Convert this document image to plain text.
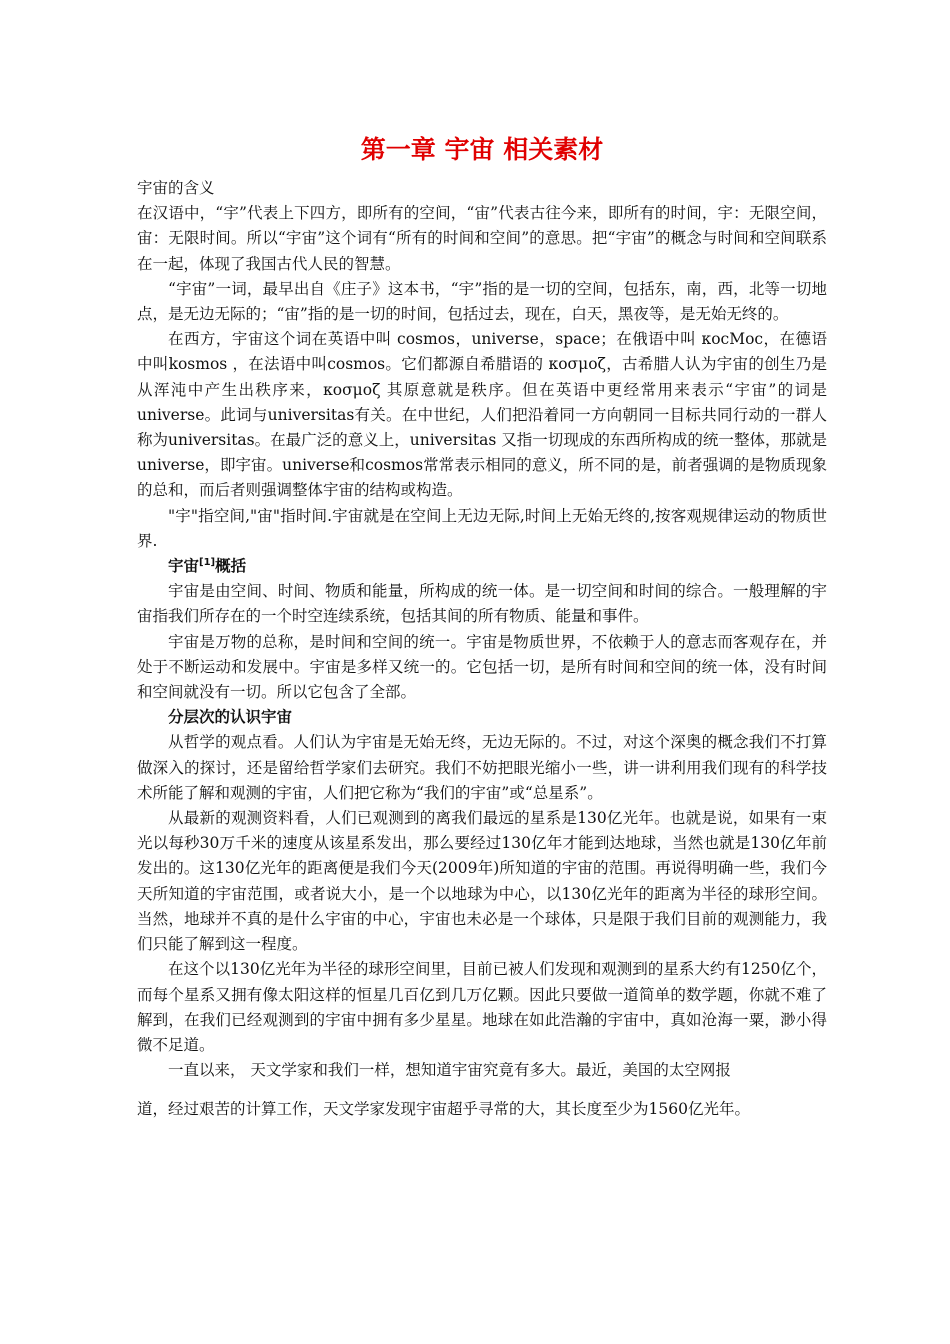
第一章 宇宙 相关素材

宇宙的含义

在汉语中，“宇”代表上下四方，即所有的空间，“宙”代表古往今来，即所有的时间，宇：无限空间，宙：无限时间。所以“宇宙”这个词有“所有的时间和空间”的意思。把“宇宙”的概念与时间和空间联系在一起，体现了我国古代人民的智慧。

“宇宙”一词，最早出自《庄子》这本书，“宇”指的是一切的空间，包括东，南，西，北等一切地点，是无边无际的；“宙”指的是一切的时间，包括过去，现在，白天，黑夜等，是无始无终的。

在西方，宇宙这个词在英语中叫 cosmos，universe，space；在俄语中叫 κocMoc，在德语中叫kosmos ，在法语中叫cosmos。它们都源自希腊语的 κοσμοζ，古希腊人认为宇宙的创生乃是从浑沌中产生出秩序来，κοσμοζ 其原意就是秩序。但在英语中更经常用来表示“宇宙”的词是universe。此词与universitas有关。在中世纪，人们把沿着同一方向朝同一目标共同行动的一群人称为universitas。在最广泛的意义上，universitas 又指一切现成的东西所构成的统一整体，那就是universe，即宇宙。universe和cosmos常常表示相同的意义，所不同的是，前者强调的是物质现象的总和，而后者则强调整体宇宙的结构或构造。

"宇"指空间,"宙"指时间.宇宙就是在空间上无边无际,时间上无始无终的,按客观规律运动的物质世界.

宇宙[1]概括

宇宙是由空间、时间、物质和能量，所构成的统一体。是一切空间和时间的综合。一般理解的宇宙指我们所存在的一个时空连续系统，包括其间的所有物质、能量和事件。

宇宙是万物的总称，是时间和空间的统一。宇宙是物质世界，不依赖于人的意志而客观存在，并处于不断运动和发展中。宇宙是多样又统一的。它包括一切，是所有时间和空间的统一体，没有时间和空间就没有一切。所以它包含了全部。

分层次的认识宇宙

从哲学的观点看。人们认为宇宙是无始无终，无边无际的。不过，对这个深奥的概念我们不打算做深入的探讨，还是留给哲学家们去研究。我们不妨把眼光缩小一些，讲一讲利用我们现有的科学技术所能了解和观测的宇宙，人们把它称为“我们的宇宙”或“总星系”。

从最新的观测资料看，人们已观测到的离我们最远的星系是130亿光年。也就是说，如果有一束光以每秒30万千米的速度从该星系发出，那么要经过130亿年才能到达地球，当然也就是130亿年前发出的。这130亿光年的距离便是我们今天(2009年)所知道的宇宙的范围。再说得明确一些，我们今天所知道的宇宙范围，或者说大小，是一个以地球为中心，以130亿光年的距离为半径的球形空间。当然，地球并不真的是什么宇宙的中心，宇宙也未必是一个球体，只是限于我们目前的观测能力，我们只能了解到这一程度。

在这个以130亿光年为半径的球形空间里，目前已被人们发现和观测到的星系大约有1250亿个，而每个星系又拥有像太阳这样的恒星几百亿到几万亿颗。因此只要做一道简单的数学题，你就不难了解到，在我们已经观测到的宇宙中拥有多少星星。地球在如此浩瀚的宇宙中，真如沧海一粟，渺小得微不足道。

一直以来， 天文学家和我们一样，想知道宇宙究竟有多大。最近，美国的太空网报

道，经过艰苦的计算工作，天文学家发现宇宙超乎寻常的大，其长度至少为1560亿光年。
